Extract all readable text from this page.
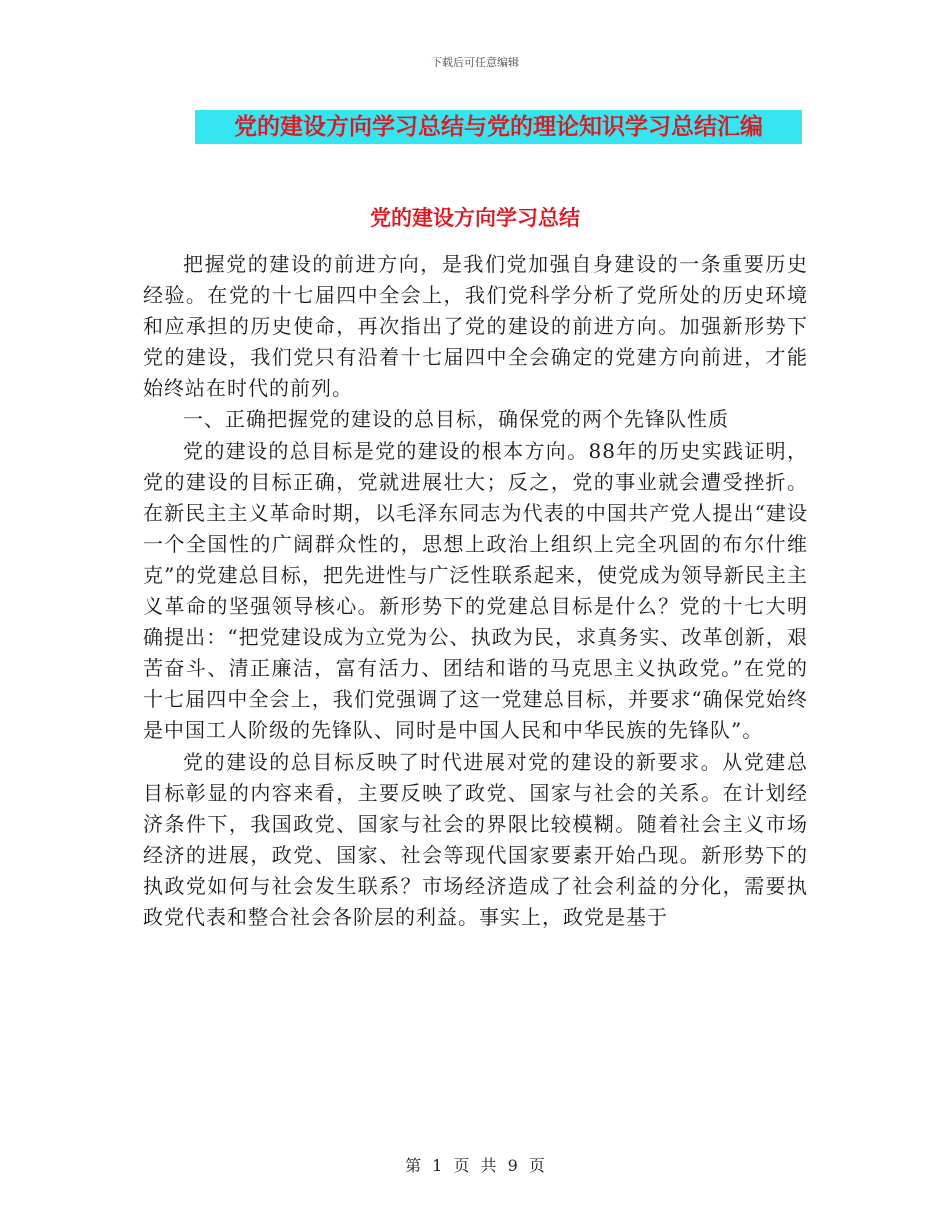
下载后可任意编辑
党的建设方向学习总结与党的理论知识学习总结汇编
党的建设方向学习总结

把握党的建设的前进方向，是我们党加强自身建设的一条重要历史经验。在党的十七届四中全会上，我们党科学分析了党所处的历史环境和应承担的历史使命，再次指出了党的建设的前进方向。加强新形势下党的建设，我们党只有沿着十七届四中全会确定的党建方向前进，才能始终站在时代的前列。

一、正确把握党的建设的总目标，确保党的两个先锋队性质

党的建设的总目标是党的建设的根本方向。88年的历史实践证明，党的建设的目标正确，党就进展壮大；反之，党的事业就会遭受挫折。在新民主主义革命时期，以毛泽东同志为代表的中国共产党人提出“建设一个全国性的广阔群众性的，思想上政治上组织上完全巩固的布尔什维克”的党建总目标，把先进性与广泛性联系起来，使党成为领导新民主主义革命的坚强领导核心。新形势下的党建总目标是什么？党的十七大明确提出：“把党建设成为立党为公、执政为民，求真务实、改革创新，艰苦奋斗、清正廉洁，富有活力、团结和谐的马克思主义执政党。”在党的十七届四中全会上，我们党强调了这一党建总目标，并要求“确保党始终是中国工人阶级的先锋队、同时是中国人民和中华民族的先锋队”。

党的建设的总目标反映了时代进展对党的建设的新要求。从党建总目标彰显的内容来看，主要反映了政党、国家与社会的关系。在计划经济条件下，我国政党、国家与社会的界限比较模糊。随着社会主义市场经济的进展，政党、国家、社会等现代国家要素开始凸现。新形势下的执政党如何与社会发生联系？市场经济造成了社会利益的分化，需要执政党代表和整合社会各阶层的利益。事实上，政党是基于

第 1 页 共 9 页
